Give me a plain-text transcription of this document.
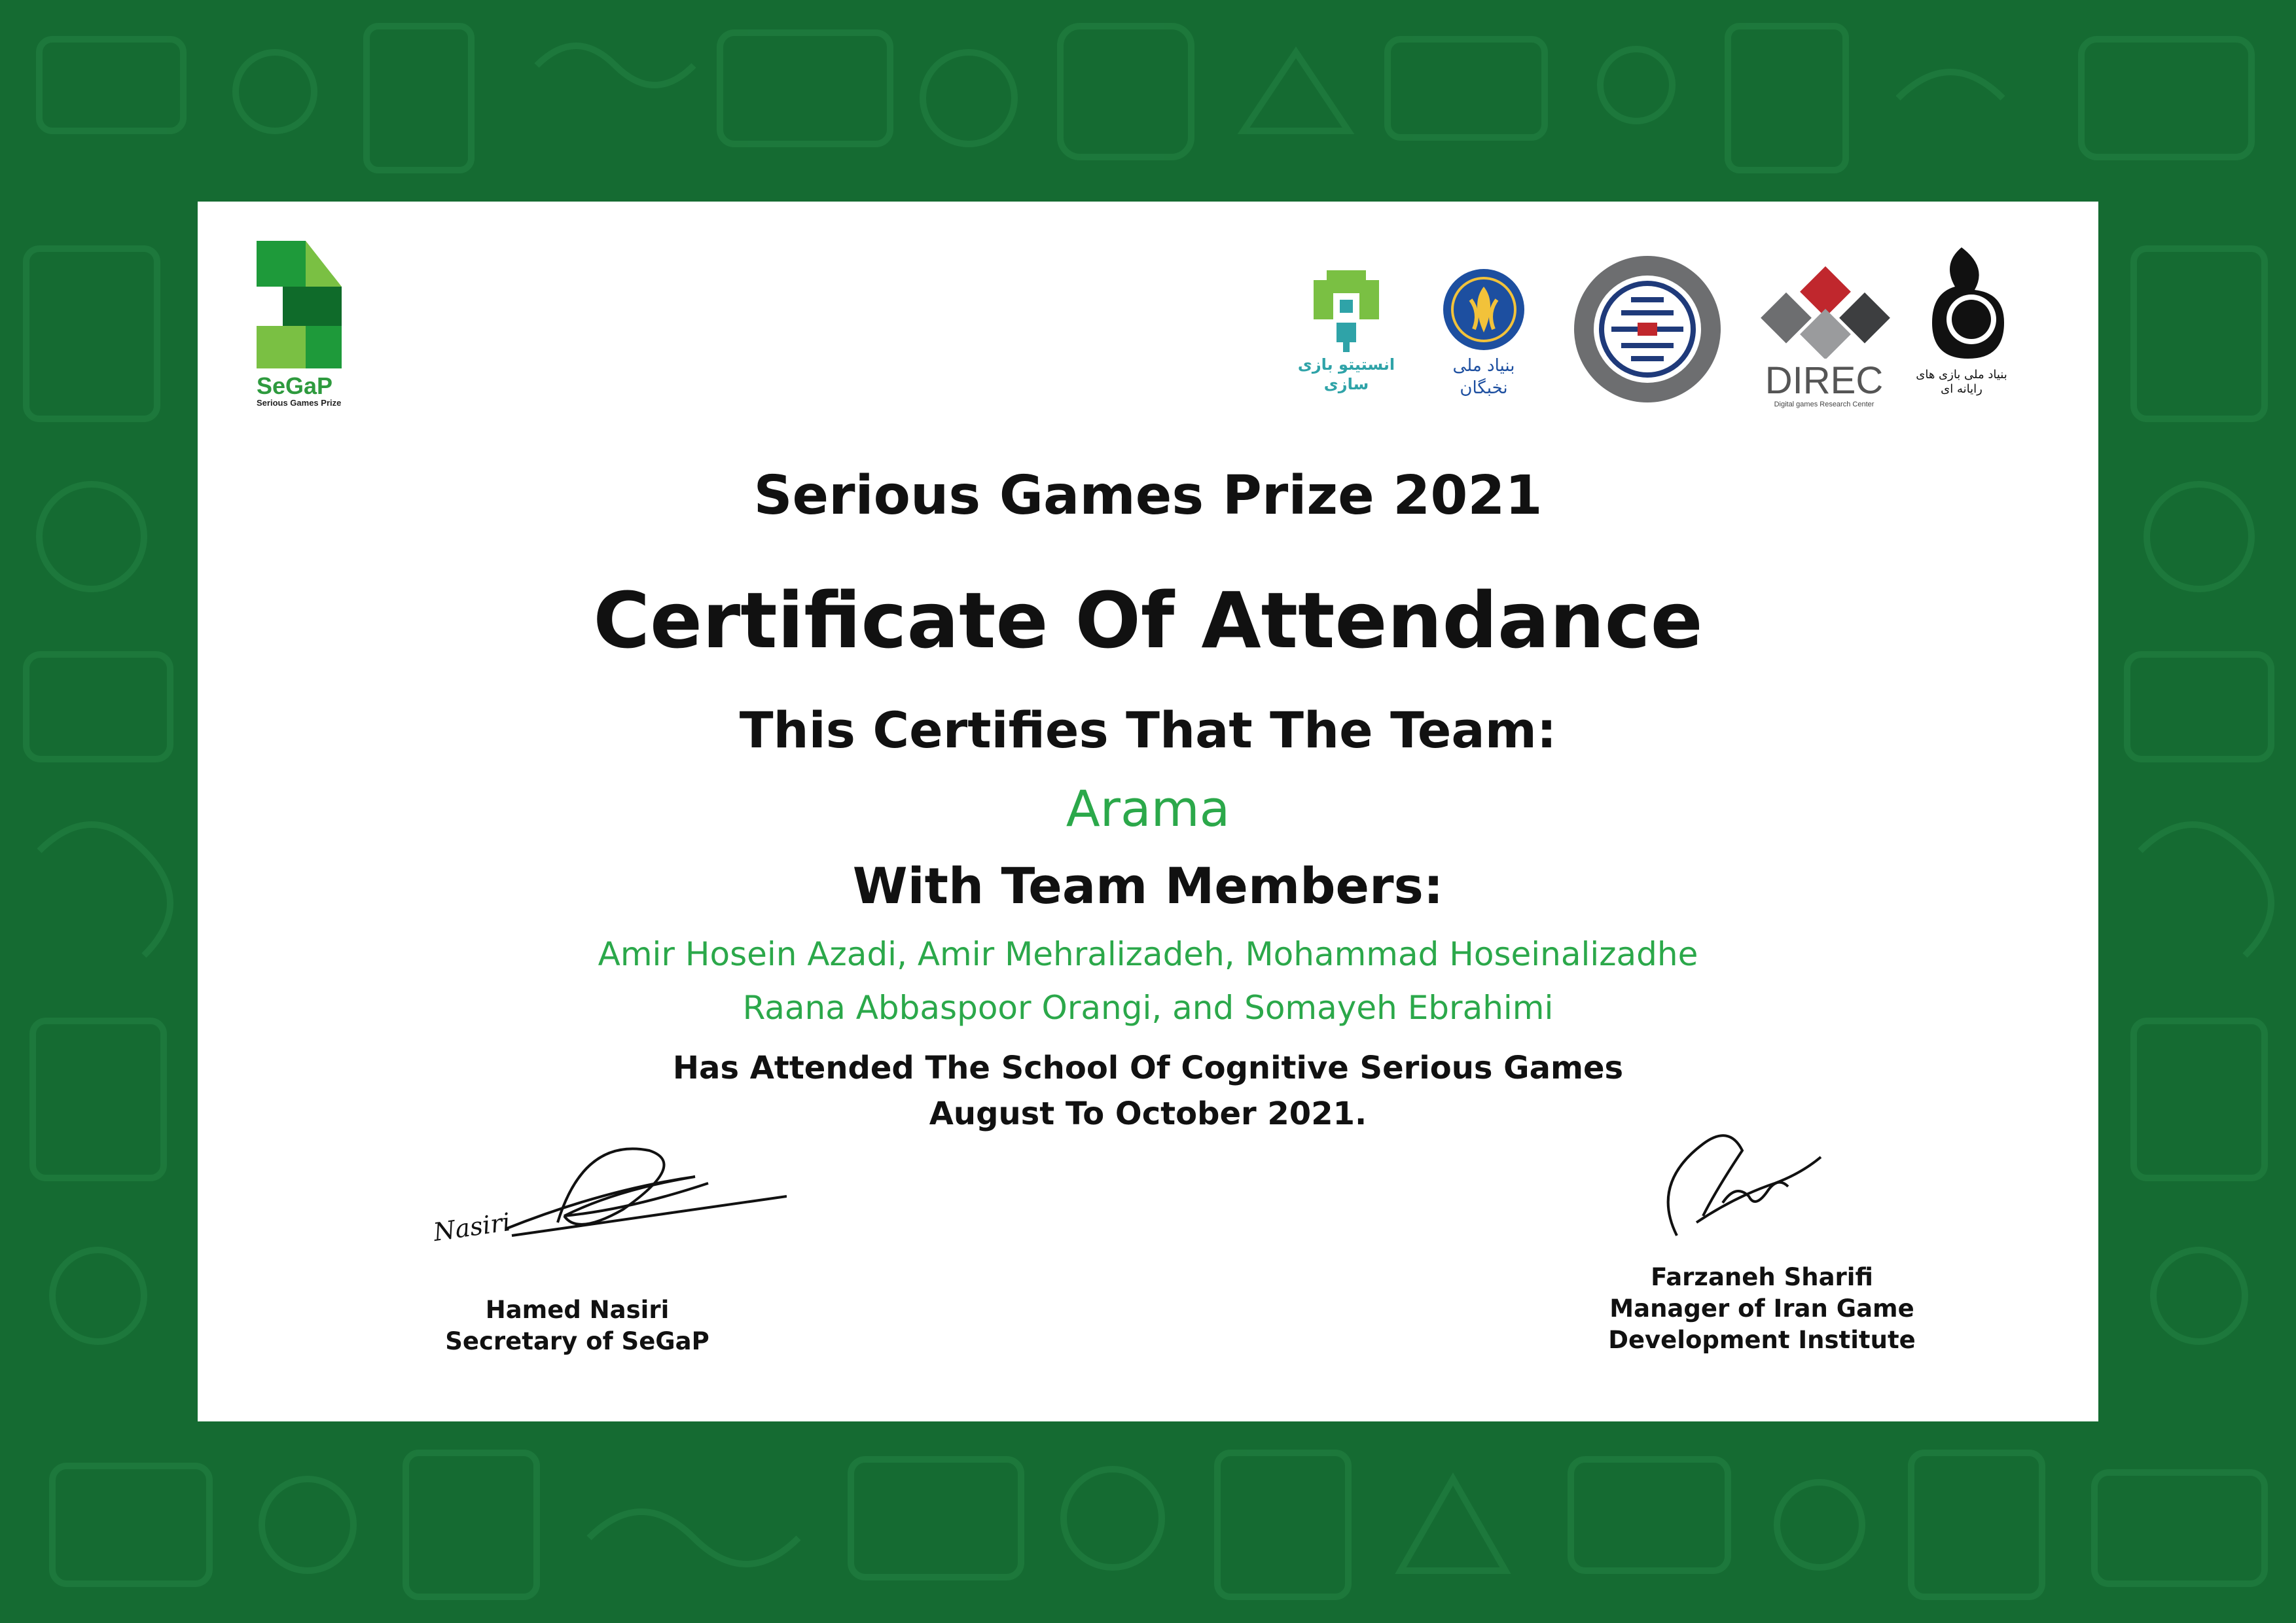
SeGaP
Serious Games Prize
انستیتو بازی سازی
بنیاد ملی نخبگان	DIREC
Digital games Research Center
بنیاد ملی بازی های رایانه ای
Serious Games Prize 2021
Certificate Of Attendance
This Certifies That The Team:
Arama
With Team Members:
Amir Hosein Azadi, Amir Mehralizadeh, Mohammad Hoseinalizadhe
Raana Abbaspoor Orangi, and Somayeh Ebrahimi
Has Attended The School Of Cognitive Serious Games
August To October 2021.
Nasiri
Hamed Nasiri
Secretary of SeGaP
Farzaneh Sharifi
Manager of Iran Game
Development Institute
